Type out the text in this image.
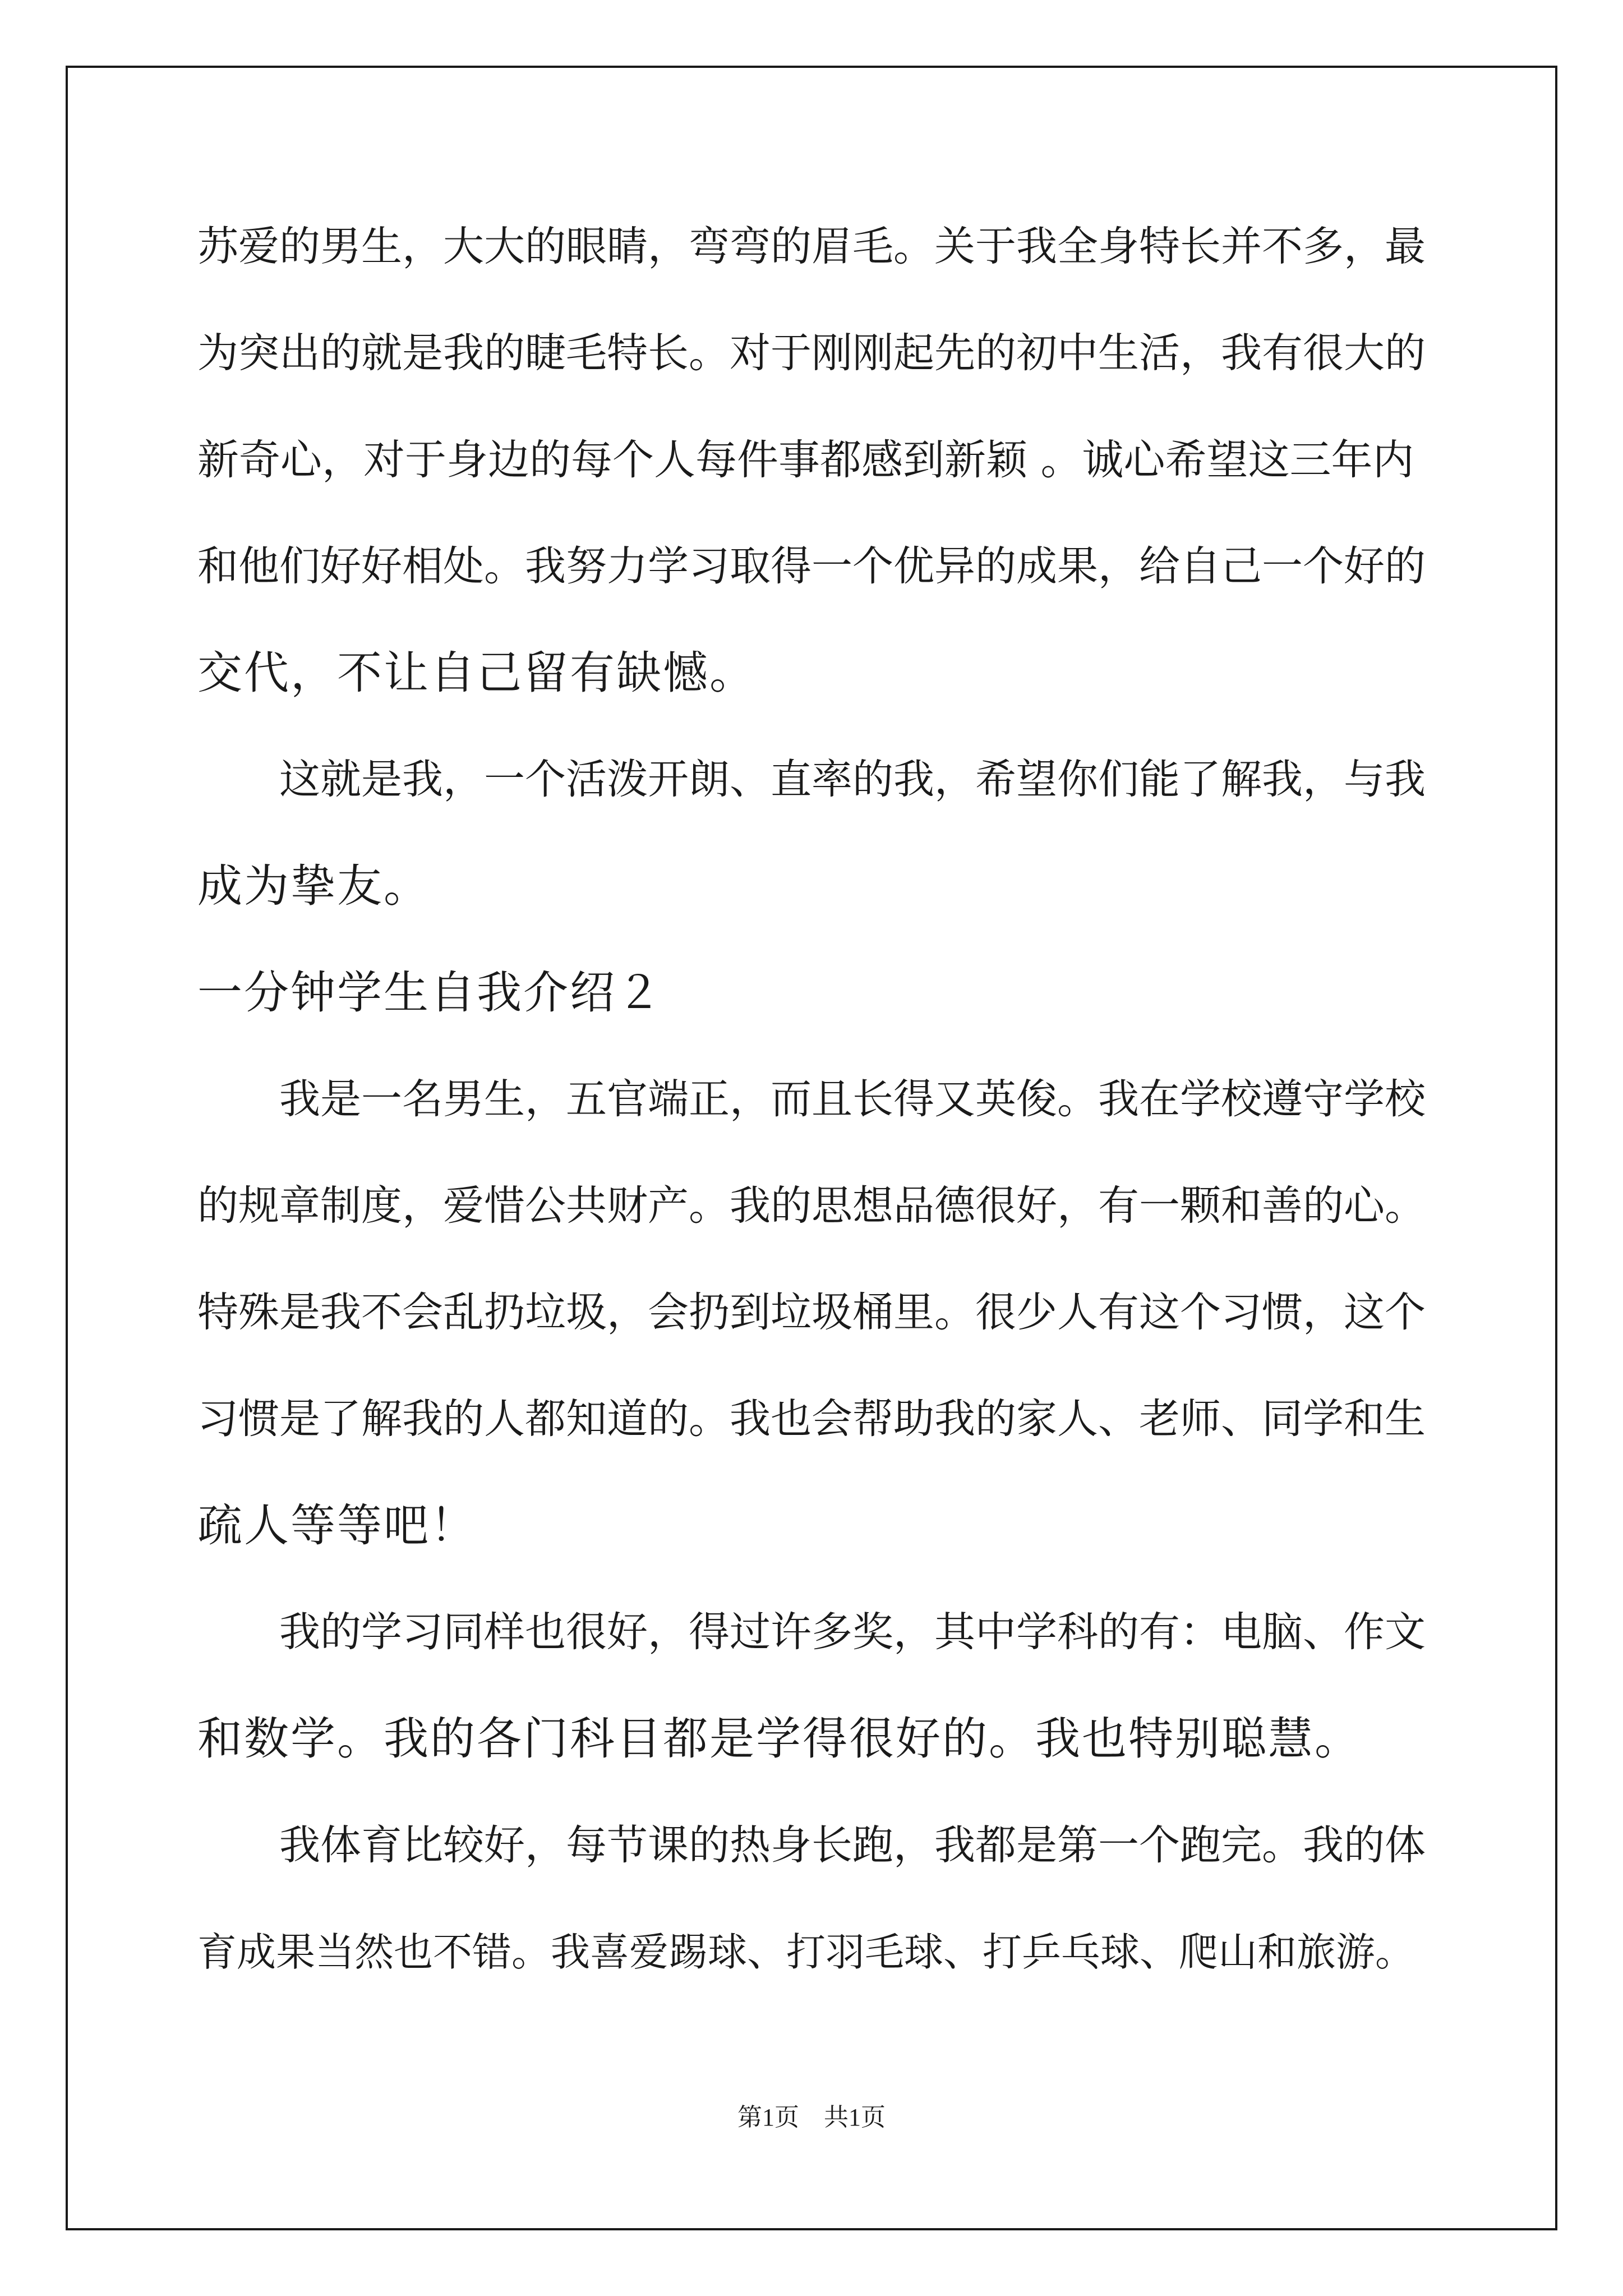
苏爱的男生，大大的眼睛，弯弯的眉毛。关于我全身特长并不多，最

为突出的就是我的睫毛特长。对于刚刚起先的初中生活，我有很大的

新奇心，对于身边的每个人每件事都感到新颖 。诚心希望这三年内

和他们好好相处。我努力学习取得一个优异的成果，给自己一个好的

交代，不让自己留有缺憾。

　　这就是我，一个活泼开朗、直率的我，希望你们能了解我，与我

成为挚友。

一分钟学生自我介绍２

　　我是一名男生，五官端正，而且长得又英俊。我在学校遵守学校

的规章制度，爱惜公共财产。我的思想品德很好，有一颗和善的心。

特殊是我不会乱扔垃圾，会扔到垃圾桶里。很少人有这个习惯，这个

习惯是了解我的人都知道的。我也会帮助我的家人、老师、同学和生

疏人等等吧！

　　我的学习同样也很好，得过许多奖，其中学科的有：电脑、作文

和数学。我的各门科目都是学得很好的。我也特别聪慧。

　　我体育比较好，每节课的热身长跑，我都是第一个跑完。我的体

育成果当然也不错。我喜爱踢球、打羽毛球、打乒乓球、爬山和旅游。

第1页　共1页
